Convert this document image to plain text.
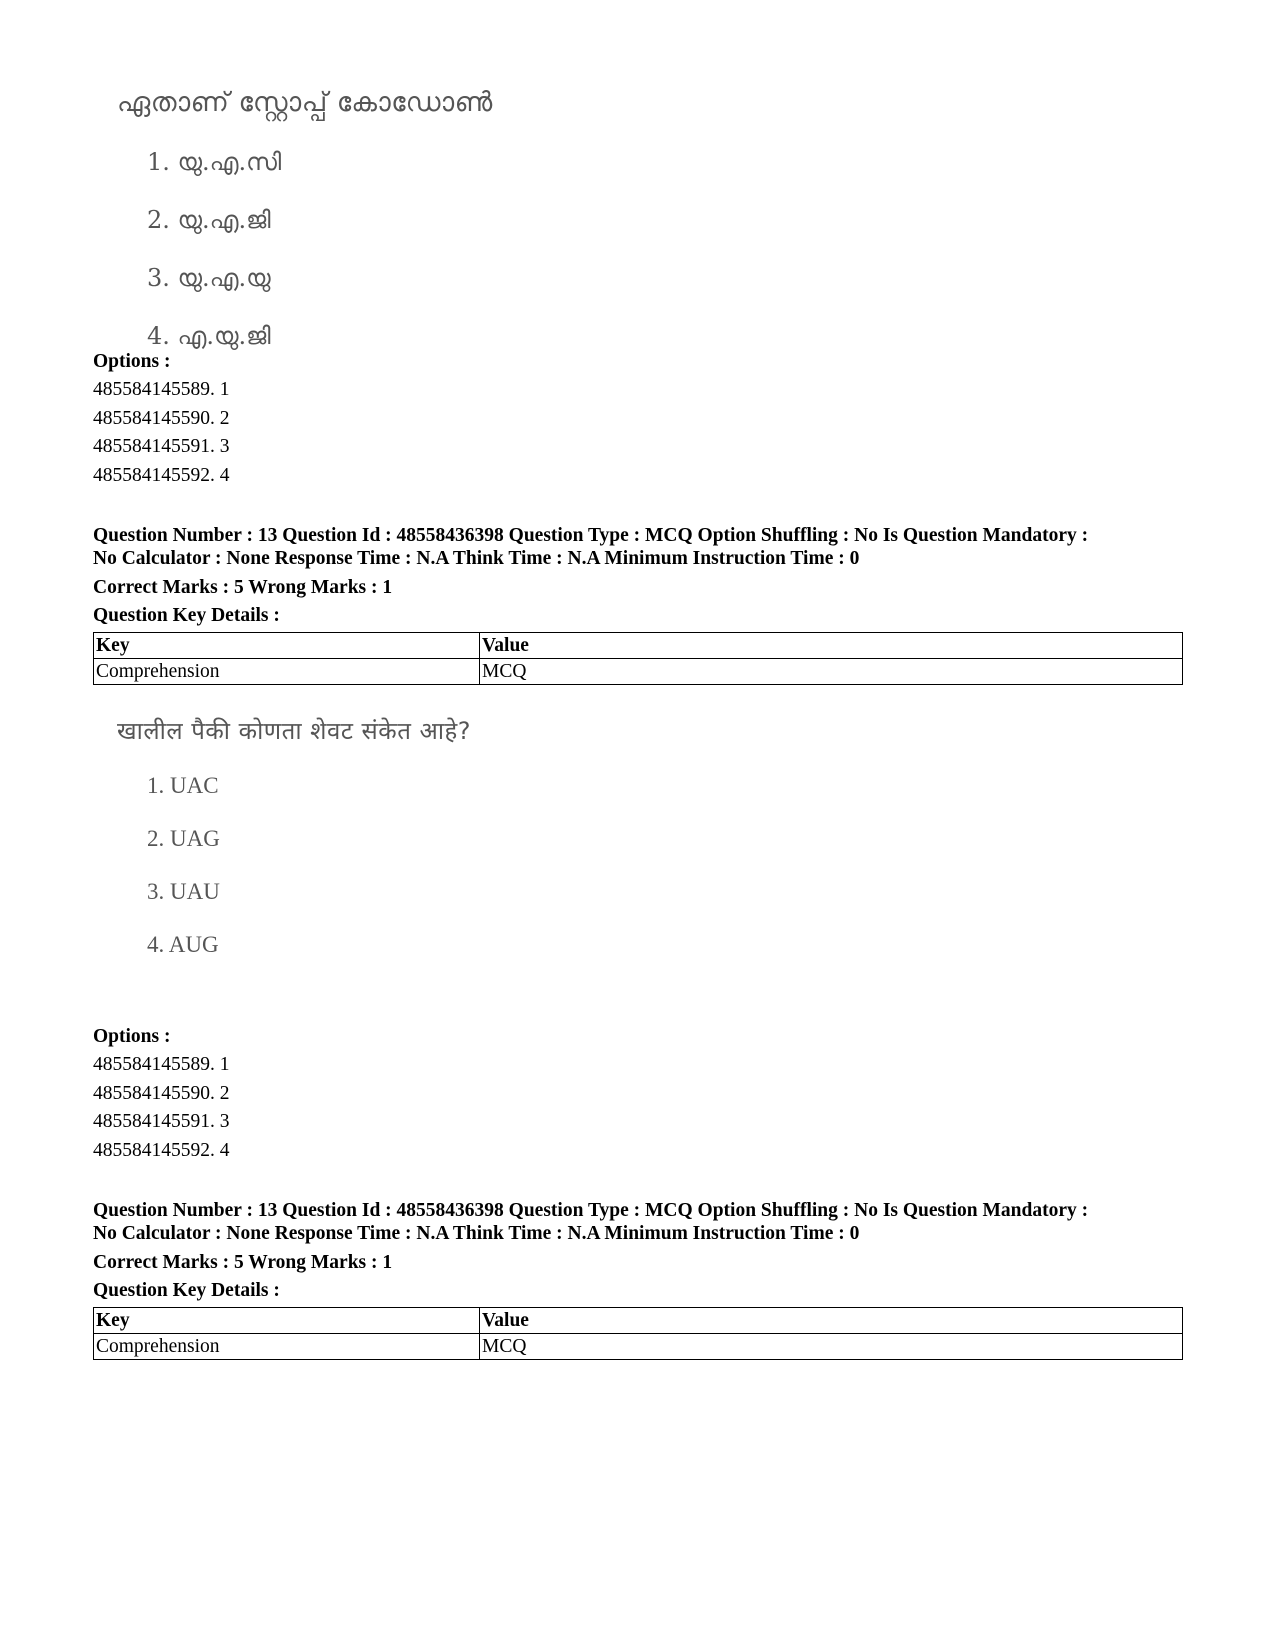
ഏതാണ് സ്റ്റോപ്പ് കോഡോൺ
1. യു.എ.സി
2. യു.എ.ജി
3. യു.എ.യു
4. എ.യു.ജി
Options :
485584145589. 1
485584145590. 2
485584145591. 3
485584145592. 4
Question Number : 13 Question Id : 48558436398 Question Type : MCQ Option Shuffling : No Is Question Mandatory :
No Calculator : None Response Time : N.A Think Time : N.A Minimum Instruction Time : 0
Correct Marks : 5 Wrong Marks : 1
Question Key Details :
Key	Value
Comprehension	MCQ
खालील पैकी कोणता शेवट संकेत आहे?
1. UAC
2. UAG
3. UAU
4. AUG
Options :
485584145589. 1
485584145590. 2
485584145591. 3
485584145592. 4
Question Number : 13 Question Id : 48558436398 Question Type : MCQ Option Shuffling : No Is Question Mandatory :
No Calculator : None Response Time : N.A Think Time : N.A Minimum Instruction Time : 0
Correct Marks : 5 Wrong Marks : 1
Question Key Details :
Key	Value
Comprehension	MCQ
